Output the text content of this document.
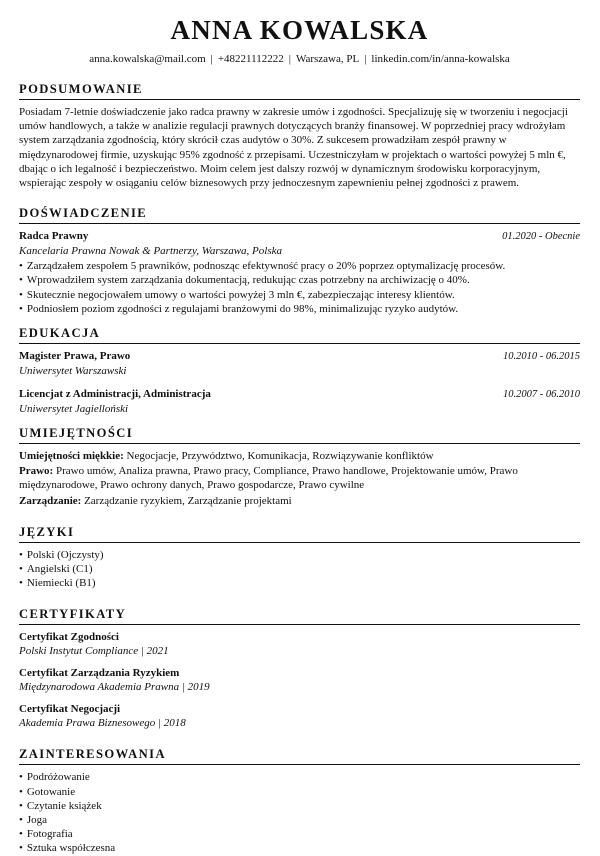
ANNA KOWALSKA
anna.kowalska@mail.com | +48221112222 | Warszawa, PL | linkedin.com/in/anna-kowalska
PODSUMOWANIE

Posiadam 7-letnie doświadczenie jako radca prawny w zakresie umów i zgodności. Specjalizuję się w tworzeniu i negocjacji umów handlowych, a także w analizie regulacji prawnych dotyczących branży finansowej. W poprzedniej pracy wdrożyłam system zarządzania zgodnością, który skrócił czas audytów o 30%. Z sukcesem prowadziłam zespół prawny w międzynarodowej firmie, uzyskując 95% zgodność z przepisami. Uczestniczyłam w projektach o wartości powyżej 5 mln €, dbając o ich legalność i bezpieczeństwo. Moim celem jest dalszy rozwój w dynamicznym środowisku korporacyjnym, wspierając zespoły w osiąganiu celów biznesowych przy jednoczesnym zapewnieniu pełnej zgodności z prawem.

DOŚWIADCZENIE
Radca Prawny	01.2020 - Obecnie
Kancelaria Prawna Nowak & Partnerzy, Warszawa, Polska
• Zarządzałem zespołem 5 prawników, podnosząc efektywność pracy o 20% poprzez optymalizację procesów.
• Wprowadziłem system zarządzania dokumentacją, redukując czas potrzebny na archiwizację o 40%.
• Skutecznie negocjowałem umowy o wartości powyżej 3 mln €, zabezpieczając interesy klientów.
• Podniosłem poziom zgodności z regulajami branżowymi do 98%, minimalizując ryzyko audytów.
EDUKACJA
Magister Prawa, Prawo	10.2010 - 06.2015
Uniwersytet Warszawski
Licencjat z Administracji, Administracja	10.2007 - 06.2010
Uniwersytet Jagielloński
UMIEJĘTNOŚCI
Umiejętności miękkie: Negocjacje, Przywództwo, Komunikacja, Rozwiązywanie konfliktów
Prawo: Prawo umów, Analiza prawna, Prawo pracy, Compliance, Prawo handlowe, Projektowanie umów, Prawo międzynarodowe, Prawo ochrony danych, Prawo gospodarcze, Prawo cywilne
Zarządzanie: Zarządzanie ryzykiem, Zarządzanie projektami
JĘZYKI
• Polski (Ojczysty)
• Angielski (C1)
• Niemiecki (B1)
CERTYFIKATY
Certyfikat Zgodności
Polski Instytut Compliance | 2021
Certyfikat Zarządzania Ryzykiem
Międzynarodowa Akademia Prawna | 2019
Certyfikat Negocjacji
Akademia Prawa Biznesowego | 2018
ZAINTERESOWANIA
• Podróżowanie
• Gotowanie
• Czytanie książek
• Joga
• Fotografia
• Sztuka współczesna
